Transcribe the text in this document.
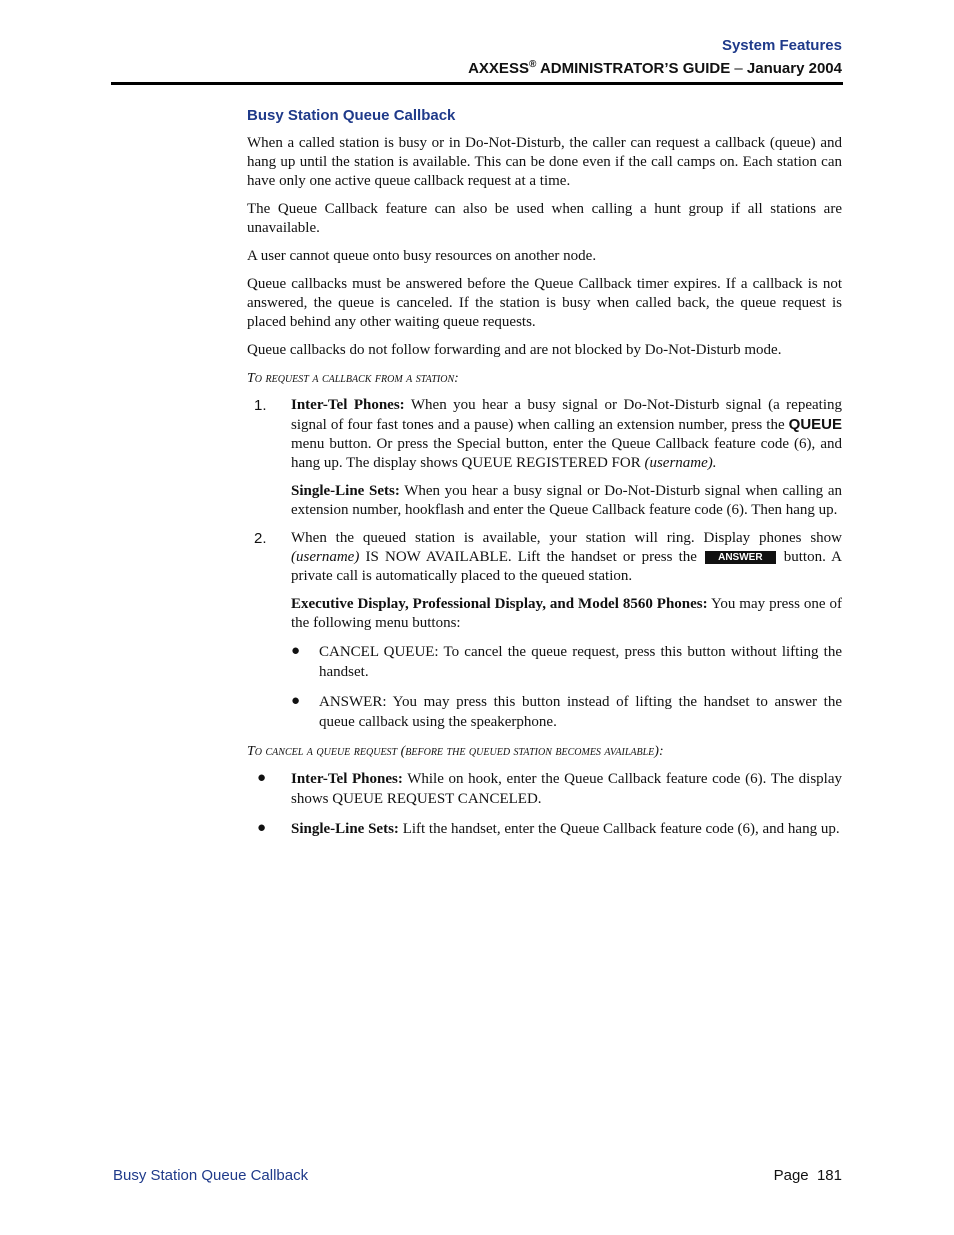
System Features
AXXESS® ADMINISTRATOR’S GUIDE – January 2004
Busy Station Queue Callback

When a called station is busy or in Do-Not-Disturb, the caller can request a callback (queue) and hang up until the station is available. This can be done even if the call camps on. Each station can have only one active queue callback request at a time.

The Queue Callback feature can also be used when calling a hunt group if all stations are unavailable.

A user cannot queue onto busy resources on another node.

Queue callbacks must be answered before the Queue Callback timer expires. If a callback is not answered, the queue is canceled. If the station is busy when called back, the queue request is placed behind any other waiting queue requests.

Queue callbacks do not follow forwarding and are not blocked by Do-Not-Disturb mode.

To request a callback from a station:

1. Inter-Tel Phones: When you hear a busy signal or Do-Not-Disturb signal (a repeating signal of four fast tones and a pause) when calling an extension number, press the QUEUE menu button. Or press the Special button, enter the Queue Callback feature code (6), and hang up. The display shows QUEUE REGISTERED FOR (username).

Single-Line Sets: When you hear a busy signal or Do-Not-Disturb signal when calling an extension number, hookflash and enter the Queue Callback feature code (6). Then hang up.

2. When the queued station is available, your station will ring. Display phones show (username) IS NOW AVAILABLE. Lift the handset or press the ANSWER button. A private call is automatically placed to the queued station.

Executive Display, Professional Display, and Model 8560 Phones: You may press one of the following menu buttons:

● CANCEL QUEUE: To cancel the queue request, press this button without lifting the handset.

● ANSWER: You may press this button instead of lifting the handset to answer the queue callback using the speakerphone.

To cancel a queue request (before the queued station becomes available):

● Inter-Tel Phones: While on hook, enter the Queue Callback feature code (6). The display shows QUEUE REQUEST CANCELED.

● Single-Line Sets: Lift the handset, enter the Queue Callback feature code (6), and hang up.

Busy Station Queue Callback	Page  181
